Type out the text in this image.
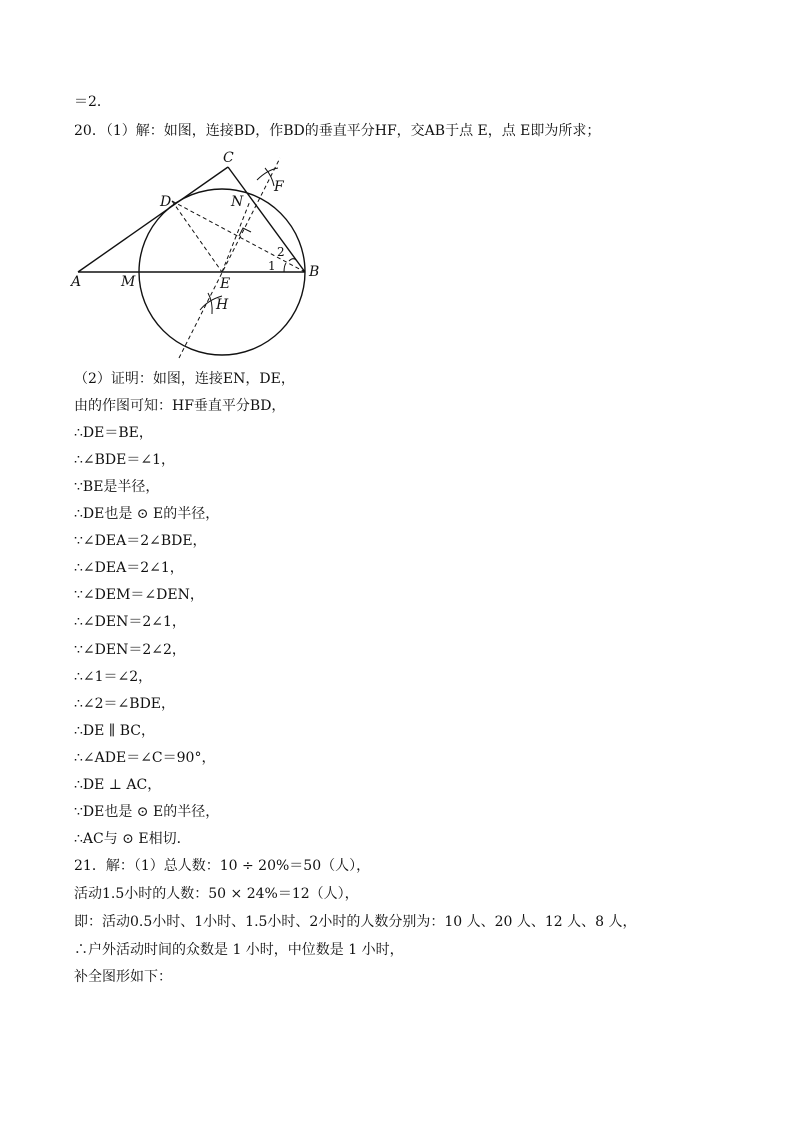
＝2．
20．（1）解：如图，连接BD，作BD的垂直平分HF，交AB于点 E，点 E即为所求；
A	M	E
B
C
D	N
F
H
1
2
（2）证明：如图，连接EN，DE，
由的作图可知：HF垂直平分BD，
∴DE＝BE，
∴∠BDE＝∠1，
∵BE是半径，
∴DE也是 ⊙ E的半径，
∵∠DEA＝2∠BDE，
∴∠DEA＝2∠1，
∵∠DEM＝∠DEN，
∴∠DEN＝2∠1，
∵∠DEN＝2∠2，
∴∠1＝∠2，
∴∠2＝∠BDE，
∴DE ∥ BC，
∴∠ADE＝∠C＝90°，
∴DE ⊥ AC，
∵DE也是 ⊙ E的半径，
∴AC与 ⊙ E相切．
21．解：（1）总人数：10 ÷ 20%＝50（人），
活动1.5小时的人数：50 × 24%＝12（人），
即：活动0.5小时、1小时、1.5小时、2小时的人数分别为：10 人、20 人、12 人、8 人，
∴户外活动时间的众数是 1 小时，中位数是 1 小时，
补全图形如下：
